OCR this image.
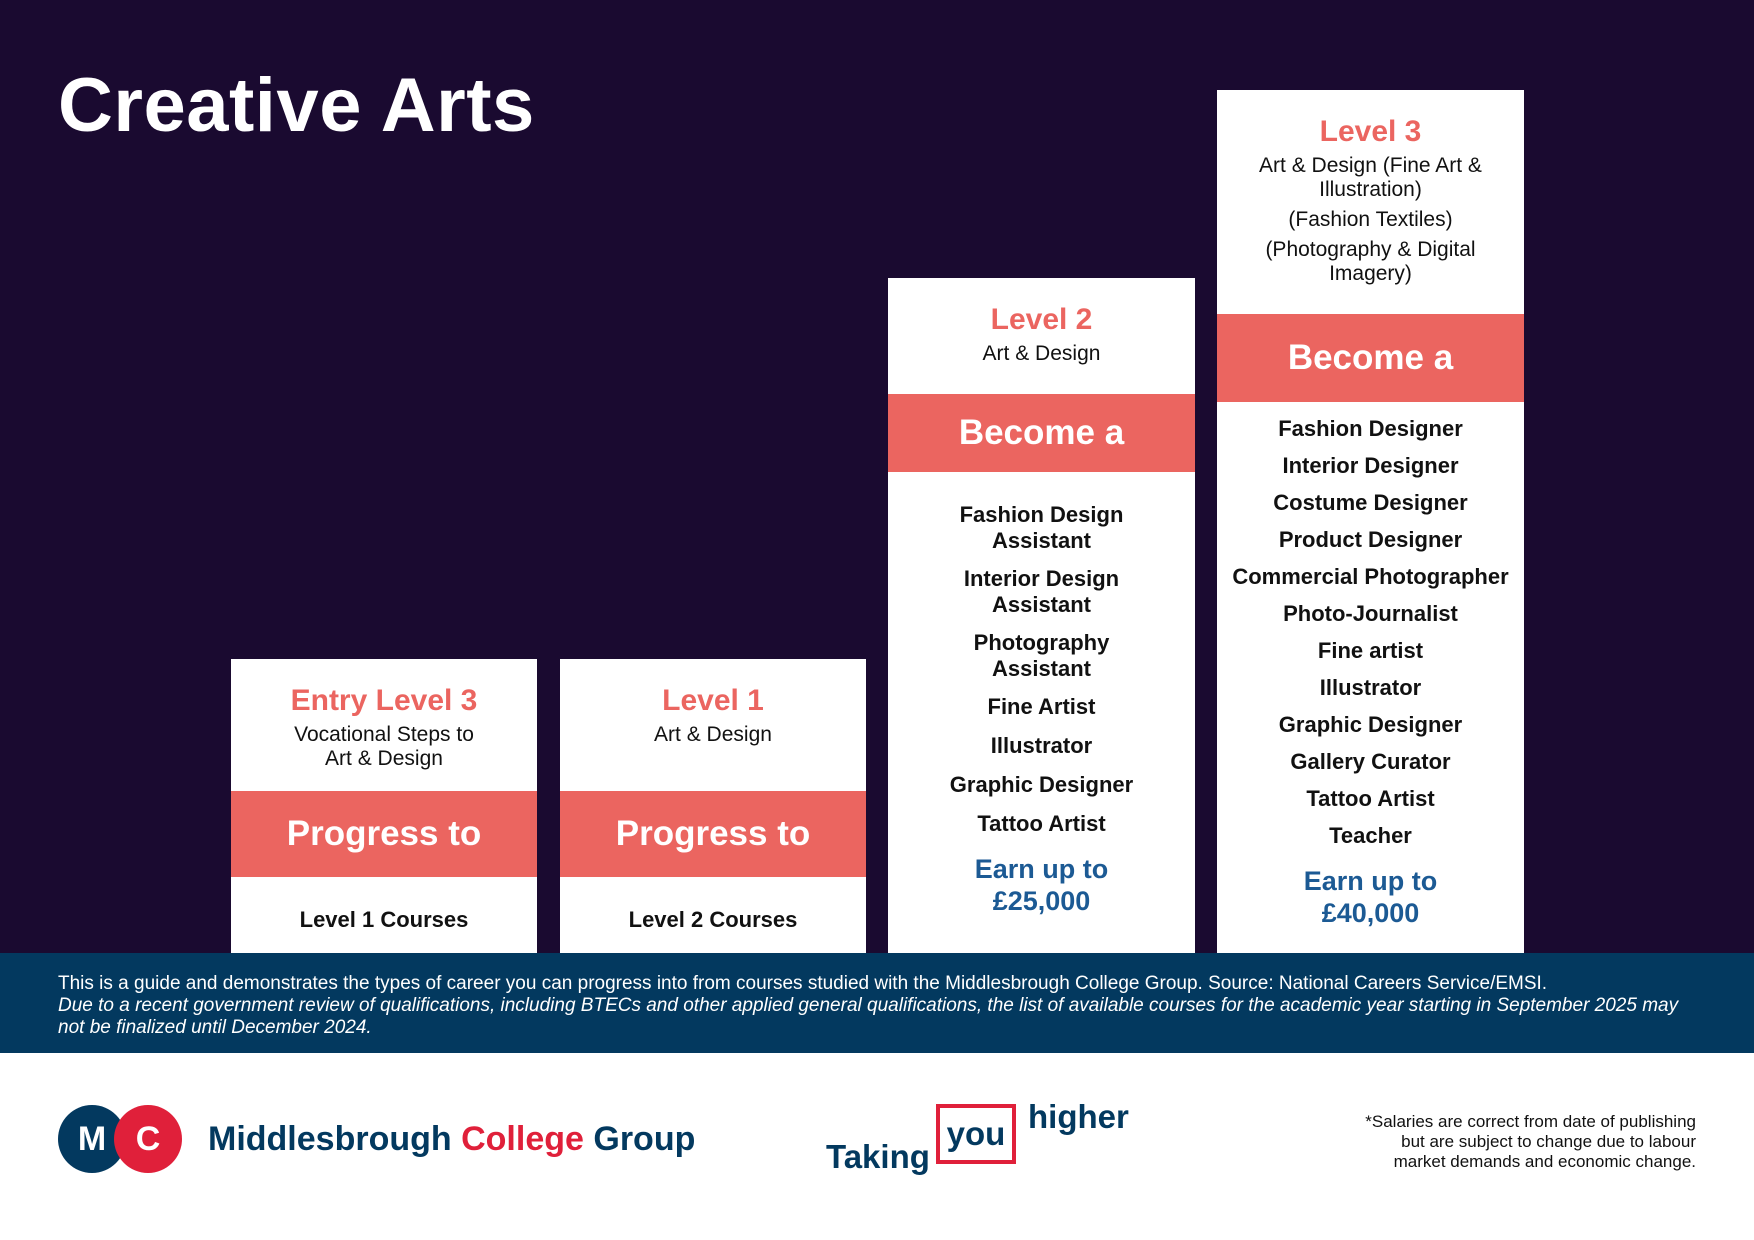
Creative Arts
Entry Level 3
Vocational Steps to
Art & Design
Progress to
Level 1 Courses
Level 1
Art & Design
Progress to
Level 2 Courses
Level 2
Art & Design
Become a
Fashion Design
Assistant
Interior Design
Assistant
Photography
Assistant
Fine Artist
Illustrator
Graphic Designer
Tattoo Artist
Earn up to
£25,000
Level 3
Art & Design (Fine Art &
Illustration)
(Fashion Textiles)
(Photography & Digital
Imagery)
Become a
Fashion Designer
Interior Designer
Costume Designer
Product Designer
Commercial Photographer
Photo-Journalist
Fine artist
Illustrator
Graphic Designer
Gallery Curator
Tattoo Artist
Teacher
Earn up to
£40,000
This is a guide and demonstrates the types of career you can progress into from courses studied with the Middlesbrough College Group. Source: National Careers Service/EMSI.
Due to a recent government review of qualifications, including BTECs and other applied general qualifications, the list of available courses for the academic year starting in September 2025 may not be finalized until December 2024.
M C	Middlesbrough College Group	Taking
you higher	*Salaries are correct from date of publishing
but are subject to change due to labour
market demands and economic change.
